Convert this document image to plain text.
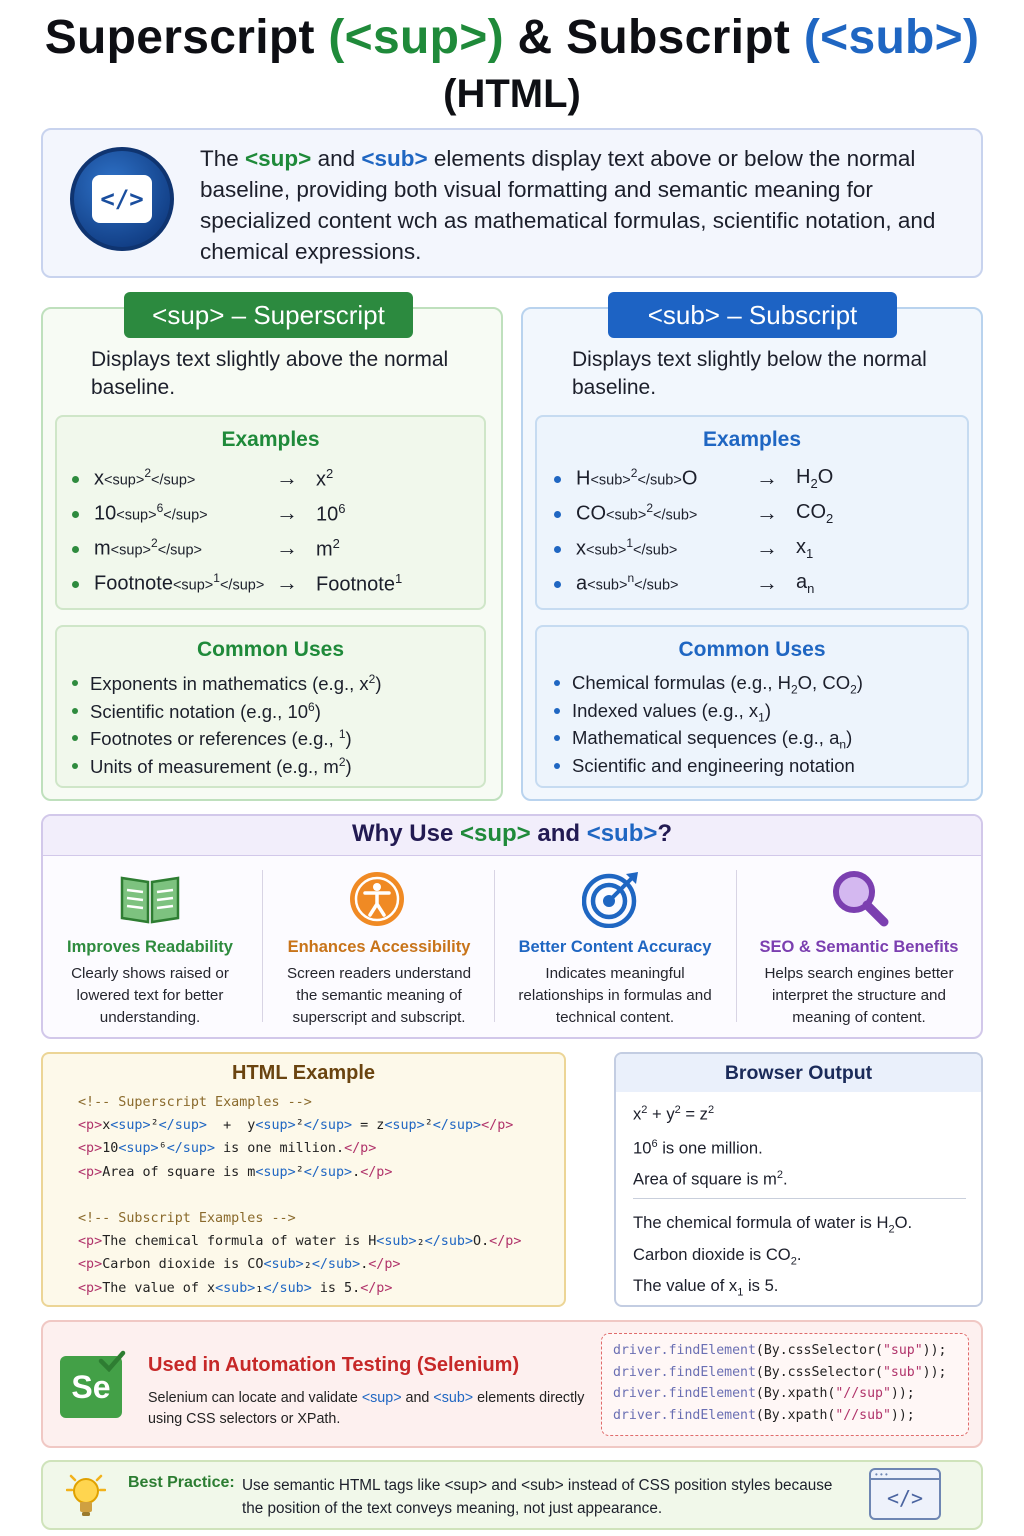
Superscript (<sup>) & Subscript (<sub>)
(HTML)
</>
The <sup> and <sub> elements display text above or below the normal baseline, providing both visual formatting and semantic meaning for specialized content wch as mathematical formulas, scientific notation, and chemical expressions.
<sup> – Superscript
Displays text slightly above the normal baseline.
Examples
x<sup>$^2$</sup>	→ $x^2$
10<sup>$^6$</sup>	→ $10^6$
m<sup>$^2$</sup>	→ $m^2$
Footnote<sup>$^1$</sup> → Footnote$^1$
Common Uses
Exponents in mathematics (e.g., $x^2$)
Scientific notation (e.g., $10^6$)
Footnotes or references (e.g., $^1$)
Units of measurement (e.g., $m^2$)
<sub> – Subscript
Displays text slightly below the normal baseline.
Examples
H<sub>$^2$</sub>O	→ $H_2O$
CO<sub>$^2$</sub>	→ $CO_2$
x<sub>$^1$</sub>	→ $x_1$
a<sub>$^n$</sub>	→ $a_n$
Common Uses
Chemical formulas (e.g., $H_2O$, $CO_2$)
Indexed values (e.g., $x_1$)
Mathematical sequences (e.g., $a_n$)
Scientific and engineering notation
Why Use <sup> and <sub>?
Improves Readability
Clearly shows raised or lowered text for better understanding.
Enhances Accessibility
Screen readers understand the semantic meaning of superscript and subscript.
Better Content Accuracy
Indicates meaningful relationships in formulas and technical content.
SEO & Semantic Benefits
Helps search engines better interpret the structure and meaning of content.
HTML Example
<!-- Superscript Examples -->
<p>x<sup>²</sup>  +  y<sup>²</sup> = z<sup>²</sup></p>
<p>10<sup>⁶</sup> is one million.</p>
<p>Area of square is m<sup>²</sup>.</p>

<!-- Subscript Examples -->
<p>The chemical formula of water is H<sub>₂</sub>O.</p>
<p>Carbon dioxide is CO<sub>₂</sub>.</p>
<p>The value of x<sub>₁</sub> is 5.</p>
Browser Output
$x^2 + y^2 = z^2$
$10^6$ is one million.
Area of square is $m^2$.
The chemical formula of water is $H_2O$.
Carbon dioxide is $CO_2$.
The value of $x_1$ is 5.
Se
Used in Automation Testing (Selenium)
Selenium can locate and validate <sup> and <sub> elements directly using CSS selectors or XPath.
driver.findElement(By.cssSelector("sup"));
driver.findElement(By.cssSelector("sub"));
driver.findElement(By.xpath("//sup"));
driver.findElement(By.xpath("//sub"));
Best Practice: Use semantic HTML tags like <sup> and <sub> instead of CSS position styles because the position of the text conveys meaning, not just appearance.
• • •
</>
